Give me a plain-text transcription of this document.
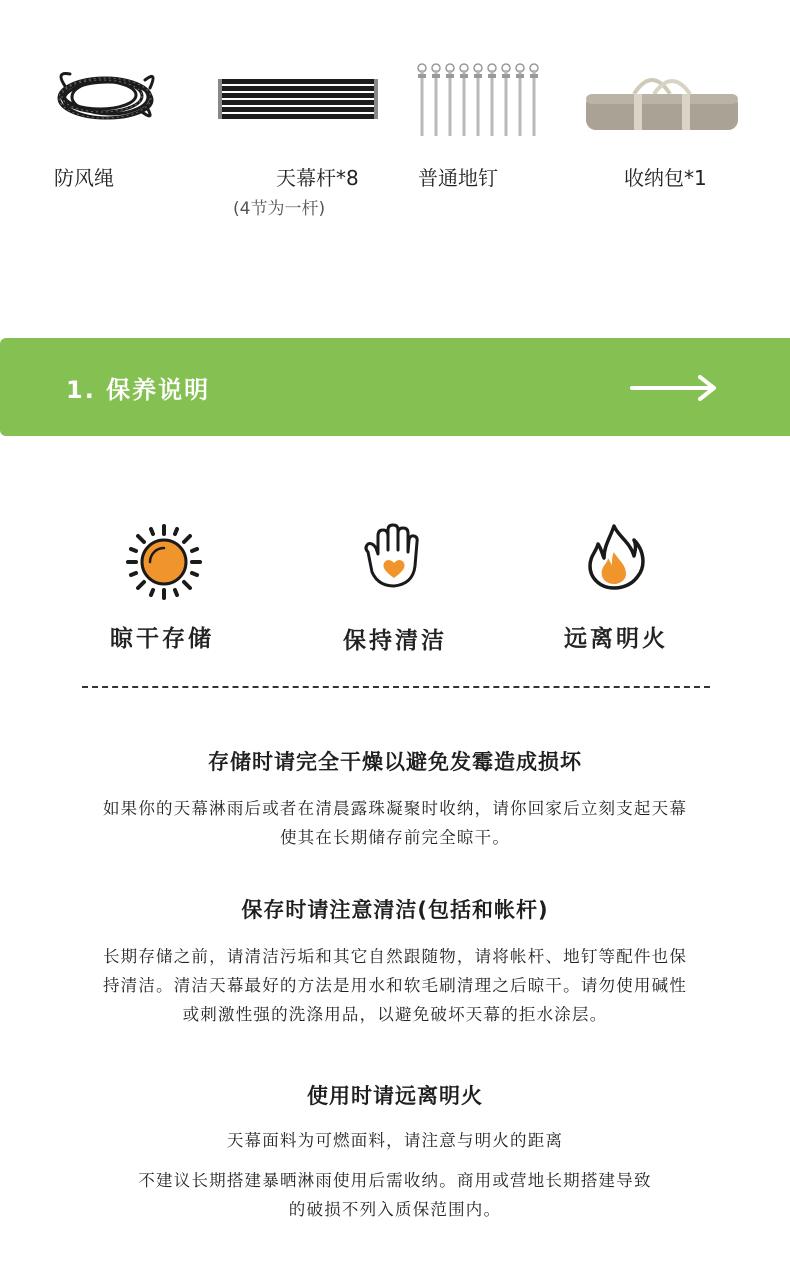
防风绳	天幕杆*8
(4节为一杆)
普通地钉	收纳包*1
1. 保养说明
晾干存储	保持清洁	远离明火
存储时请完全干燥以避免发霉造成损坏
如果你的天幕淋雨后或者在清晨露珠凝聚时收纳，请你回家后立刻支起天幕
使其在长期储存前完全晾干。
保存时请注意清洁(包括和帐杆)
长期存储之前，请清洁污垢和其它自然跟随物，请将帐杆、地钉等配件也保
持清洁。清洁天幕最好的方法是用水和软毛刷清理之后晾干。请勿使用碱性
或刺激性强的洗涤用品，以避免破坏天幕的拒水涂层。
使用时请远离明火
天幕面料为可燃面料，请注意与明火的距离
不建议长期搭建暴晒淋雨使用后需收纳。商用或营地长期搭建导致
的破损不列入质保范围内。
